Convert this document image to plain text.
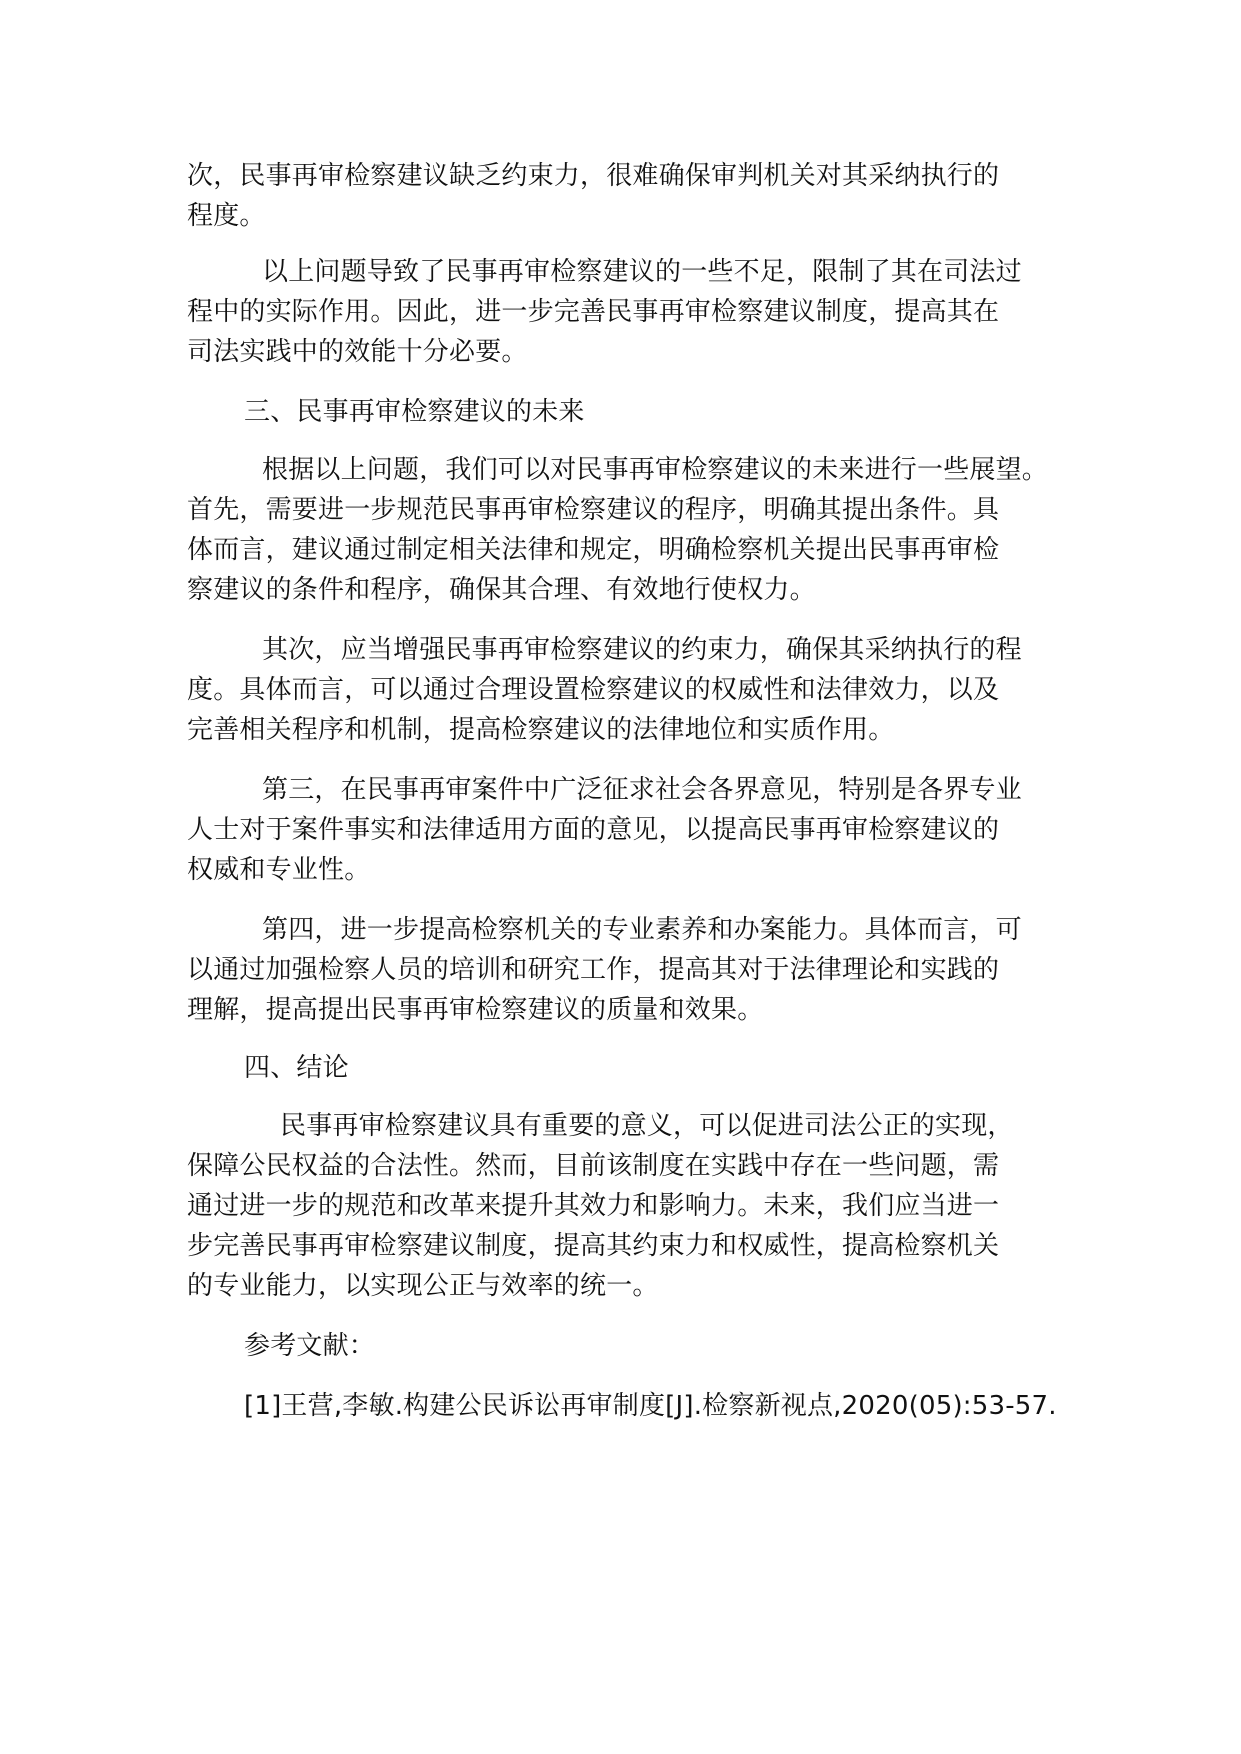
次，民事再审检察建议缺乏约束力，很难确保审判机关对其采纳执行的
程度。
以上问题导致了民事再审检察建议的一些不足，限制了其在司法过
程中的实际作用。因此，进一步完善民事再审检察建议制度，提高其在
司法实践中的效能十分必要。
三、民事再审检察建议的未来
根据以上问题，我们可以对民事再审检察建议的未来进行一些展望。
首先，需要进一步规范民事再审检察建议的程序，明确其提出条件。具
体而言，建议通过制定相关法律和规定，明确检察机关提出民事再审检
察建议的条件和程序，确保其合理、有效地行使权力。
其次，应当增强民事再审检察建议的约束力，确保其采纳执行的程
度。具体而言，可以通过合理设置检察建议的权威性和法律效力，以及
完善相关程序和机制，提高检察建议的法律地位和实质作用。
第三，在民事再审案件中广泛征求社会各界意见，特别是各界专业
人士对于案件事实和法律适用方面的意见，以提高民事再审检察建议的
权威和专业性。
第四，进一步提高检察机关的专业素养和办案能力。具体而言，可
以通过加强检察人员的培训和研究工作，提高其对于法律理论和实践的
理解，提高提出民事再审检察建议的质量和效果。
四、结论
民事再审检察建议具有重要的意义，可以促进司法公正的实现，
保障公民权益的合法性。然而，目前该制度在实践中存在一些问题，需
通过进一步的规范和改革来提升其效力和影响力。未来，我们应当进一
步完善民事再审检察建议制度，提高其约束力和权威性，提高检察机关
的专业能力，以实现公正与效率的统一。
参考文献：
[1]王营,李敏.构建公民诉讼再审制度[J].检察新视点,2020(05):53-57.
